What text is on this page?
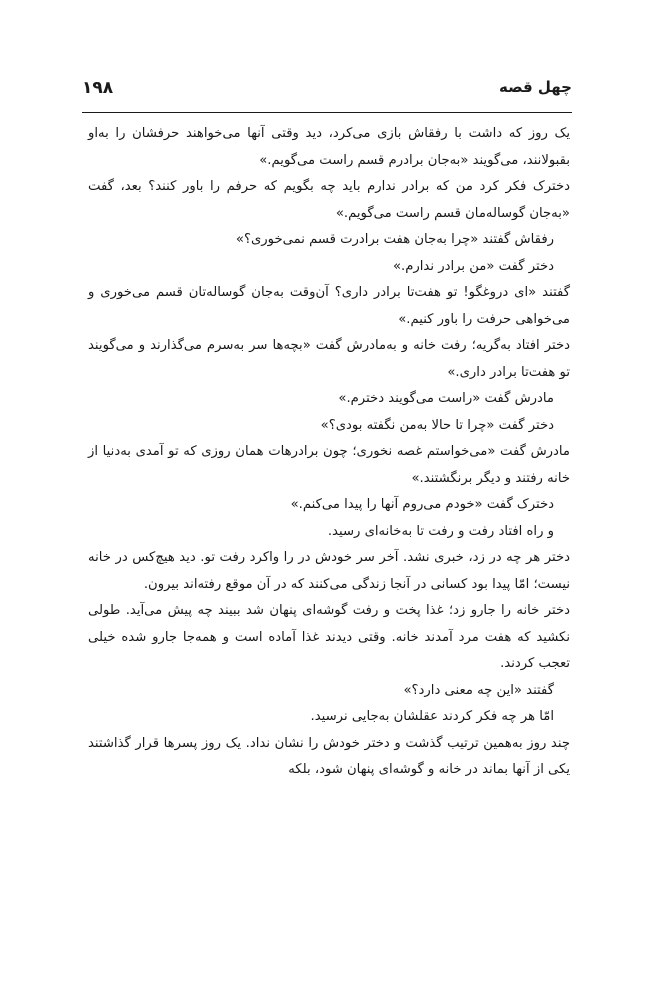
چهل قصه
۱۹۸

یک روز که داشت با رفقاش بازی می‌کرد، دید وقتی آنها می‌خواهند حرفشان را به‌او بقبولانند، می‌گویند «به‌جان برادرم قسم راست می‌گویم.»

دخترک فکر کرد من که برادر ندارم باید چه بگویم که حرفم را باور کنند؟ بعد، گفت «به‌جان گوساله‌مان قسم راست می‌گویم.»

رفقاش گفتند «چرا به‌جان هفت برادرت قسم نمی‌خوری؟»

دختر گفت «من برادر ندارم.»

گفتند «ای دروغگو! تو هفت‌تا برادر داری؟ آن‌وقت به‌جان گوساله‌تان قسم می‌خوری و می‌خواهی حرفت را باور کنیم.»

دختر افتاد به‌گریه؛ رفت خانه و به‌مادرش گفت «بچه‌ها سر به‌سرم می‌گذارند و می‌گویند تو هفت‌تا برادر داری.»

مادرش گفت «راست می‌گویند دخترم.»

دختر گفت «چرا تا حالا به‌من نگفته بودی؟»

مادرش گفت «می‌خواستم غصه نخوری؛ چون برادرهات همان روزی که تو آمدی به‌دنیا از خانه رفتند و دیگر برنگشتند.»

دخترک گفت «خودم می‌روم آنها را پیدا می‌کنم.»

و راه افتاد رفت و رفت تا به‌خانه‌ای رسید.

دختر هر چه در زد، خبری نشد. آخر سر خودش در را واکرد رفت تو. دید هیچ‌کس در خانه نیست؛ امّا پیدا بود کسانی در آنجا زندگی می‌کنند که در آن موقع رفته‌اند بیرون.

دختر خانه را جارو زد؛ غذا پخت و رفت گوشه‌ای پنهان شد ببیند چه پیش می‌آید. طولی نکشید که هفت مرد آمدند خانه. وقتی دیدند غذا آماده است و همه‌جا جارو شده خیلی تعجب کردند.

گفتند «این چه معنی دارد؟»

امّا هر چه فکر کردند عقلشان به‌جایی نرسید.

چند روز به‌همین ترتیب گذشت و دختر خودش را نشان نداد. یک روز پسرها قرار گذاشتند یکی از آنها بماند در خانه و گوشه‌ای پنهان شود، بلکه
